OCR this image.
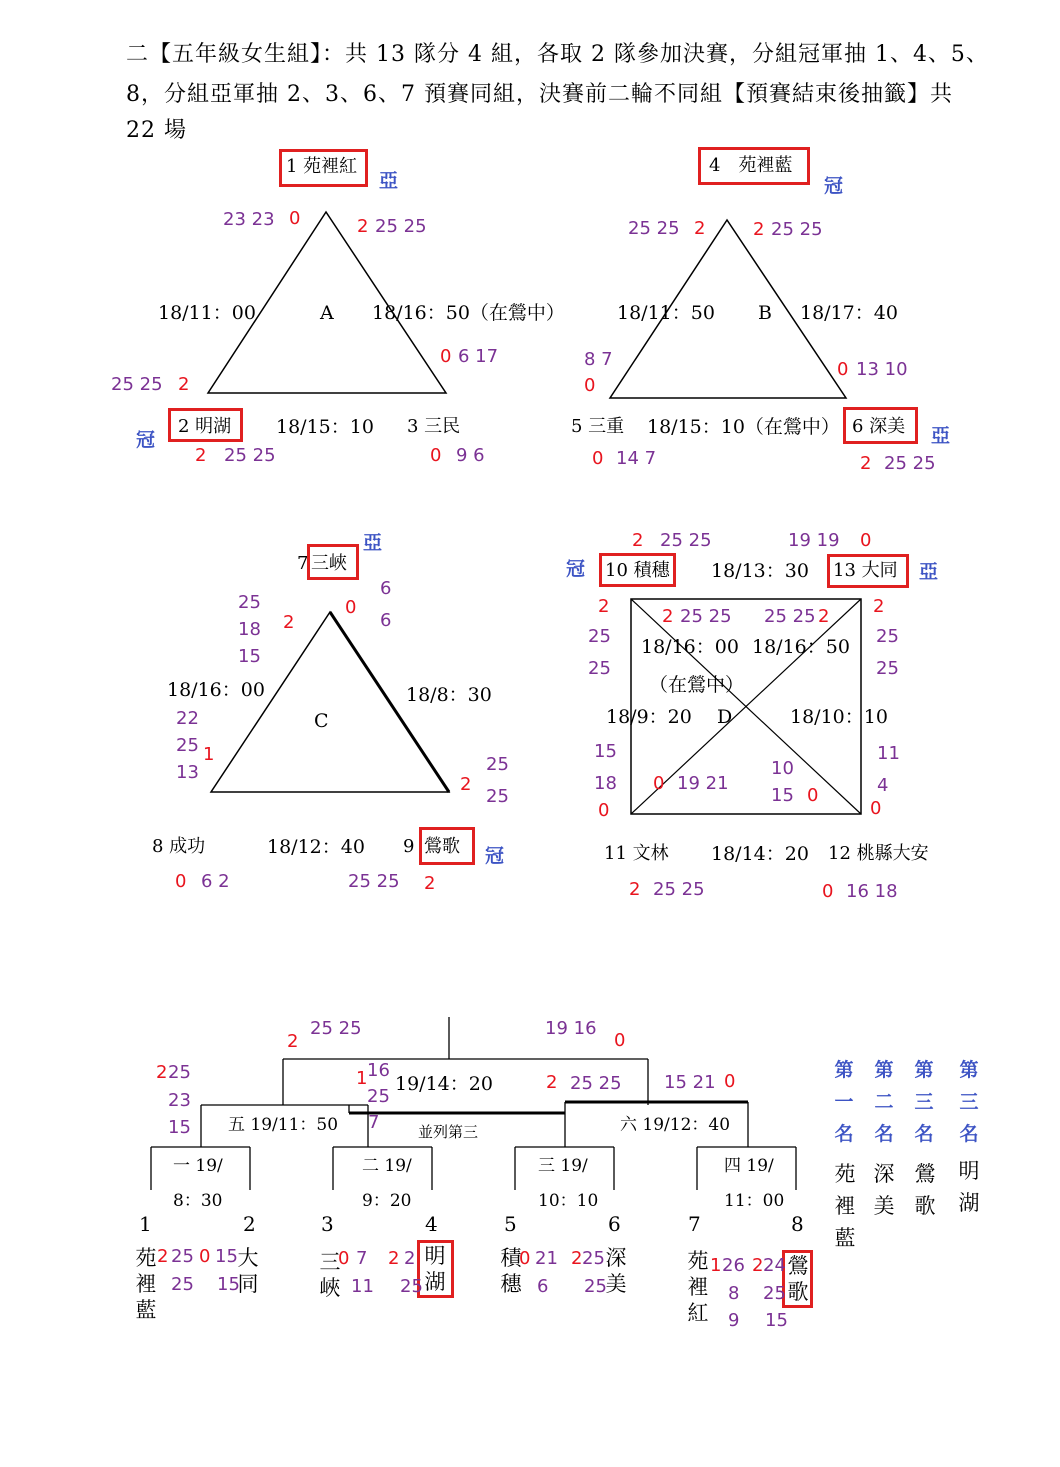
二【五年級女生組】：共 13 隊分 4 組，各取 2 隊參加決賽，分組冠軍抽 1、4、5、
8，分組亞軍抽 2、3、6、7 預賽同組，決賽前二輪不同組【預賽結束後抽籤】共
22 場
1 苑裡紅
亞
23 23 0	2 25 25
18/11：00	A 18/16：50（在鶯中）
0 6 17
25 25 2
2 明湖
冠
18/15：10 3 三民
2 25 25	0 9 6
4　苑裡藍
冠
25 25 2	2 25 25
18/11：50 B 18/17：40
8 7
0
0 13 10
5 三重 18/15：10（在鶯中） 6 深美 亞
0 14 7	2 25 25
7 三峽
亞
25
18
15
2
0
6
6
18/16：00	18/8：30
C
22
25
13
1
2
25
25
8 成功	18/12：40 9 鶯歌 冠
0 6 2	25 25 2
2 25 25	19 19 0
冠 10 積穗 18/13：30 13 大同 亞
2
25
25
2
25
25
2 25 25 25 25 2
18/16：00 18/16：50
（在鶯中）
18/9：20 D	18/10：10
15
18
0
11
4
0
0 19 21
10
15 0
11 文林 18/14：20 12 桃縣大安
2 25 25	0 16 18
2
25 25	19 16
0
19/14：20
1 16
25
7
2 25 25 15 21 0
2 25
23
15 五 19/11：50	並列第三	六 19/12：40
一 19/
8：30
二 19/
9：20
三 19/
10：10
四 19/
11：00
1	2	3	4	5	6	7	8
苑裡藍
大同
三峽
明湖
積穗
深美
苑裡紅
鶯歌
2 25
25
0 15
15
0 7
11
2 2
25
0 21
6
2 25
25
1 26
8
9
2 24
25
15
第一名
第二名
第三名
第三名
苑裡藍
深美
鶯歌
明湖
